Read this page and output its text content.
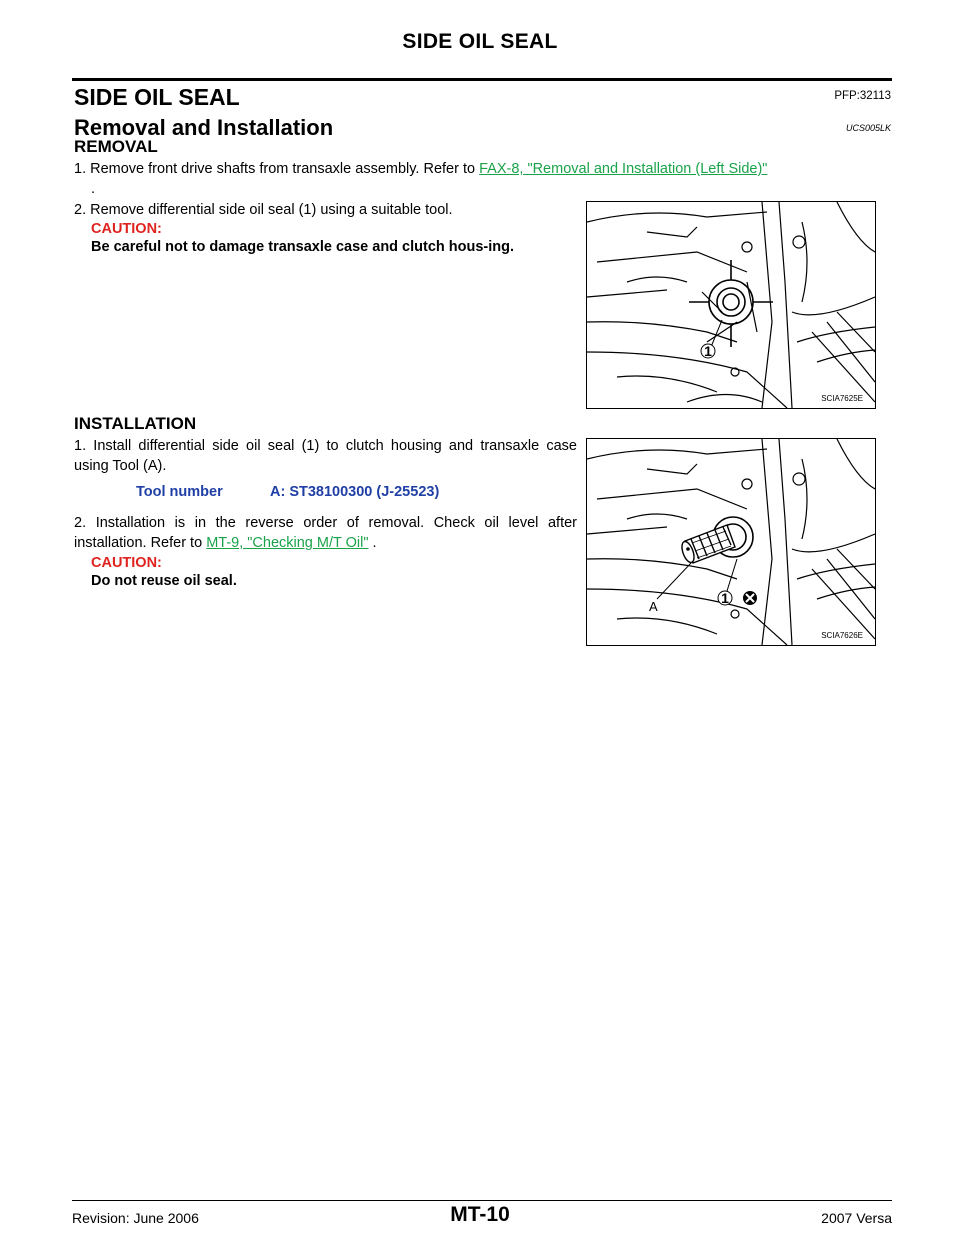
SIDE OIL SEAL
SIDE OIL SEAL	PFP:32113
Removal and Installation	UCS005LK
REMOVAL
1. Remove front drive shafts from transaxle assembly. Refer to FAX-8, "Removal and Installation (Left Side)"
.
2. Remove differential side oil seal (1) using a suitable tool.
CAUTION:
Be careful not to damage transaxle case and clutch hous-ing.
1
SCIA7625E
INSTALLATION
1. Install differential side oil seal (1) to clutch housing and transaxle case using Tool (A).
Tool number	A: ST38100300 (J-25523)
2. Installation is in the reverse order of removal. Check oil level after installation. Refer to MT-9, "Checking M/T Oil" .
CAUTION:
Do not reuse oil seal.
A
1
SCIA7626E
Revision: June 2006	MT-10	2007 Versa
